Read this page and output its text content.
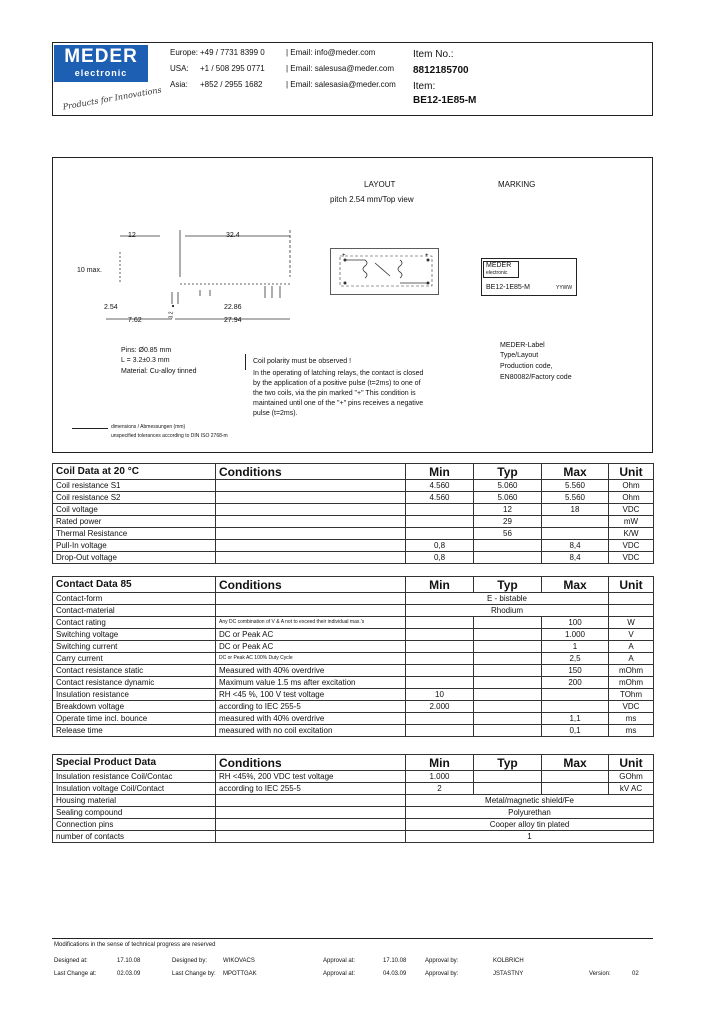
MEDER
electronic
Products for Innovations
Europe: +49 / 7731 8399 0	| Email: info@meder.com
USA: +1 / 508 295 0771	| Email: salesusa@meder.com
Asia: +852 / 2955 1682	| Email: salesasia@meder.com
Item No.:
8812185700
Item:
BE12-1E85-M
LAYOUT
pitch 2.54 mm/Top view
MARKING
12	32.4
10 max.
2.54
7.62
3.2
22.86
27.94
+	+
MEDER
electronic
BE12-1E85-M	YYWW
MEDER-Label
Type/Layout
Production code,
EN80082/Factory code
Pins: Ø0.85 mm
L = 3.2±0.3 mm
Material: Cu-alloy tinned
Coil polarity must be observed !
In the operating of latching relays, the contact is closed
by the application of a positive pulse (t=2ms) to one of
the two coils, via the pin marked "+" This condition is
maintained until one of the "+" pins receives a negative
pulse (t=2ms).
dimensions / Abmessungen (mm)
unspecified tolerances according to DIN ISO 2768-m
Coil Data at 20 °C	Conditions	Min	Typ	Max	Unit
Coil resistance S1		4.560	5.060	5.560	Ohm
Coil resistance S2		4.560	5.060	5.560	Ohm
Coil voltage			12	18	VDC
Rated power			29		mW
Thermal Resistance			56		K/W
Pull-In voltage		0,8		8,4	VDC
Drop-Out voltage		0,8		8,4	VDC
Contact Data 85	Conditions	Min	Typ	Max	Unit
Contact-form		E - bistable			
Contact-material		Rhodium			
Contact rating	Any DC combination of V & A not to exceed their individual max.'s			100	W
Switching voltage	DC or Peak AC			1.000	V
Switching current	DC or Peak AC			1	A
Carry current	DC or Peak AC 100% Duty Cycle			2,5	A
Contact resistance static	Measured with 40% overdrive			150	mOhm
Contact resistance dynamic	Maximum value 1.5 ms after excitation			200	mOhm
Insulation resistance	RH <45 %, 100 V test voltage	10			TOhm
Breakdown voltage	according to IEC 255-5	2.000			VDC
Operate time incl. bounce	measured with 40% overdrive			1,1	ms
Release time	measured with no coil excitation			0,1	ms
Special Product Data	Conditions	Min	Typ	Max	Unit
Insulation resistance Coil/Contac	RH <45%, 200 VDC test voltage	1.000			GOhm
Insulation voltage Coil/Contact	according to IEC 255-5	2			kV AC
Housing material		Metal/magnetic shield/Fe			
Sealing compound		Polyurethan			
Connection pins		Cooper alloy tin plated			
number of contacts		1			
Modifications in the sense of technical progress are reserved
Designed at:	17.10.08	Designed by:	WIKOVACS	Approval at:	17.10.08	Approval by:	KOLBRICH
Last Change at:	02.03.09	Last Change by: MPOTTGAK	Approval at:	04.03.09	Approval by:	JSTASTNY	Version:	02
